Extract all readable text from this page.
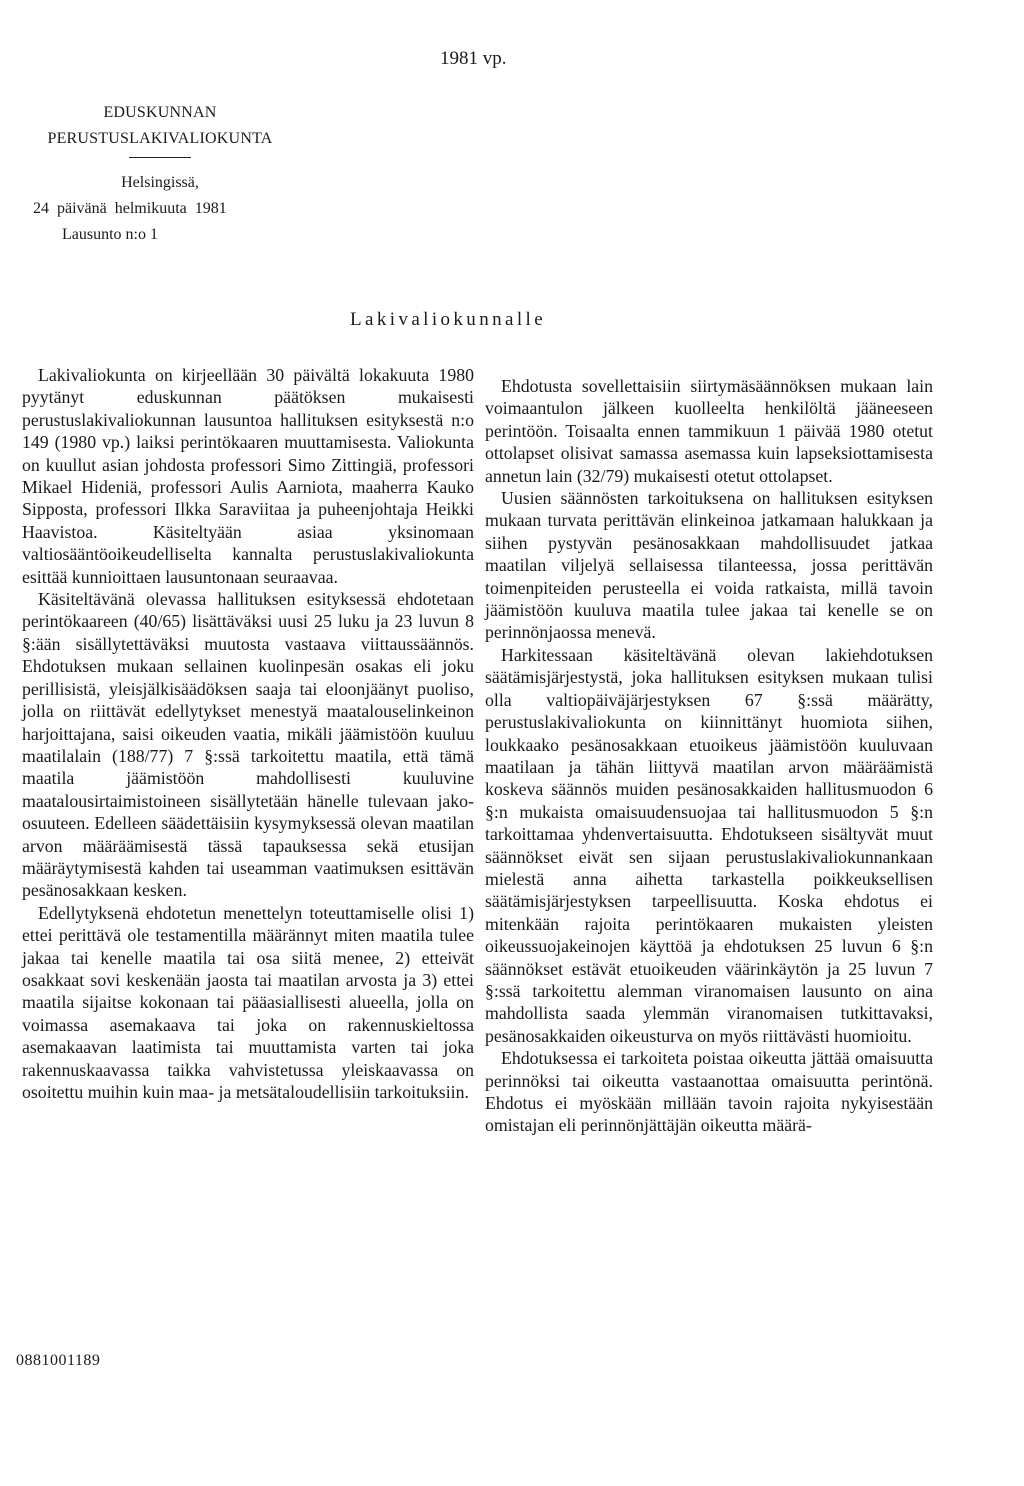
1981 vp.
EDUSKUNNAN
PERUSTUSLAKIVALIOKUNTA
Helsingissä,
24 päivänä helmikuuta 1981
Lausunto n:o 1
Lakivaliokunnalle

Lakivaliokunta on kirjeellään 30 päivältä lokakuuta 1980 pyytänyt eduskunnan päätöksen mukaisesti perustuslakivaliokunnan lausuntoa hallituksen esityksestä n:o 149 (1980 vp.) laiksi perintökaaren muuttamisesta. Valiokunta on kuullut asian johdosta professori Simo Zittingiä, professori Mikael Hideniä, professori Aulis Aarniota, maaherra Kauko Sipposta, professori Ilkka Saraviitaa ja puheenjohtaja Heikki Haavistoa. Käsiteltyään asiaa yksinomaan valtiosääntöoikeudelliselta kannalta perustuslakivaliokunta esittää kunnioittaen lausuntonaan seuraavaa.

Käsiteltävänä olevassa hallituksen esityksessä ehdotetaan perintökaareen (40/65) lisättäväksi uusi 25 luku ja 23 luvun 8 §:ään sisällytettäväksi muutosta vastaava viittaussäännös. Ehdotuksen mukaan sellainen kuolinpesän osakas eli joku perillisistä, yleisjälkisäädöksen saaja tai eloonjäänyt puoliso, jolla on riittävät edellytykset menestyä maatalouselinkeinon harjoittajana, saisi oikeuden vaatia, mikäli jäämistöön kuuluu maatilalain (188/77) 7 §:ssä tarkoitettu maatila, että tämä maatila jäämistöön mahdollisesti kuuluvine maatalousirtaimistoineen sisällytetään hänelle tulevaan jako-osuuteen. Edelleen säädettäisiin kysymyksessä olevan maatilan arvon määräämisestä tässä tapauksessa sekä etusijan määräytymisestä kahden tai useamman vaatimuksen esittävän pesänosakkaan kesken.

Edellytyksenä ehdotetun menettelyn toteuttamiselle olisi 1) ettei perittävä ole testamentilla määrännyt miten maatila tulee jakaa tai kenelle maatila tai osa siitä menee, 2) etteivät osakkaat sovi keskenään jaosta tai maatilan arvosta ja 3) ettei maatila sijaitse kokonaan tai pääasiallisesti alueella, jolla on voimassa asemakaava tai joka on rakennuskieltossa asemakaavan laatimista tai muuttamista varten tai joka rakennuskaavassa taikka vahvistetussa yleiskaavassa on osoitettu muihin kuin maa- ja metsätaloudellisiin tarkoituksiin.

Ehdotusta sovellettaisiin siirtymäsäännöksen mukaan lain voimaantulon jälkeen kuolleelta henkilöltä jääneeseen perintöön. Toisaalta ennen tammikuun 1 päivää 1980 otetut ottolapset olisivat samassa asemassa kuin lapseksiottamisesta annetun lain (32/79) mukaisesti otetut ottolapset.

Uusien säännösten tarkoituksena on hallituksen esityksen mukaan turvata perittävän elinkeinoa jatkamaan halukkaan ja siihen pystyvän pesänosakkaan mahdollisuudet jatkaa maatilan viljelyä sellaisessa tilanteessa, jossa perittävän toimenpiteiden perusteella ei voida ratkaista, millä tavoin jäämistöön kuuluva maatila tulee jakaa tai kenelle se on perinnönjaossa menevä.

Harkitessaan käsiteltävänä olevan lakiehdotuksen säätämisjärjestystä, joka hallituksen esityksen mukaan tulisi olla valtiopäiväjärjestyksen 67 §:ssä määrätty, perustuslakivaliokunta on kiinnittänyt huomiota siihen, loukkaako pesänosakkaan etuoikeus jäämistöön kuuluvaan maatilaan ja tähän liittyvä maatilan arvon määräämistä koskeva säännös muiden pesänosakkaiden hallitusmuodon 6 §:n mukaista omaisuudensuojaa tai hallitusmuodon 5 §:n tarkoittamaa yhdenvertaisuutta. Ehdotukseen sisältyvät muut säännökset eivät sen sijaan perustuslakivaliokunnankaan mielestä anna aihetta tarkastella poikkeuksellisen säätämisjärjestyksen tarpeellisuutta. Koska ehdotus ei mitenkään rajoita perintökaaren mukaisten yleisten oikeussuojakeinojen käyttöä ja ehdotuksen 25 luvun 6 §:n säännökset estävät etuoikeuden väärinkäytön ja 25 luvun 7 §:ssä tarkoitettu alemman viranomaisen lausunto on aina mahdollista saada ylemmän viranomaisen tutkittavaksi, pesänosakkaiden oikeusturva on myös riittävästi huomioitu.

Ehdotuksessa ei tarkoiteta poistaa oikeutta jättää omaisuutta perinnöksi tai oikeutta vastaanottaa omaisuutta perintönä. Ehdotus ei myöskään millään tavoin rajoita nykyisestään omistajan eli perinnönjättäjän oikeutta määrä-

0881001189
